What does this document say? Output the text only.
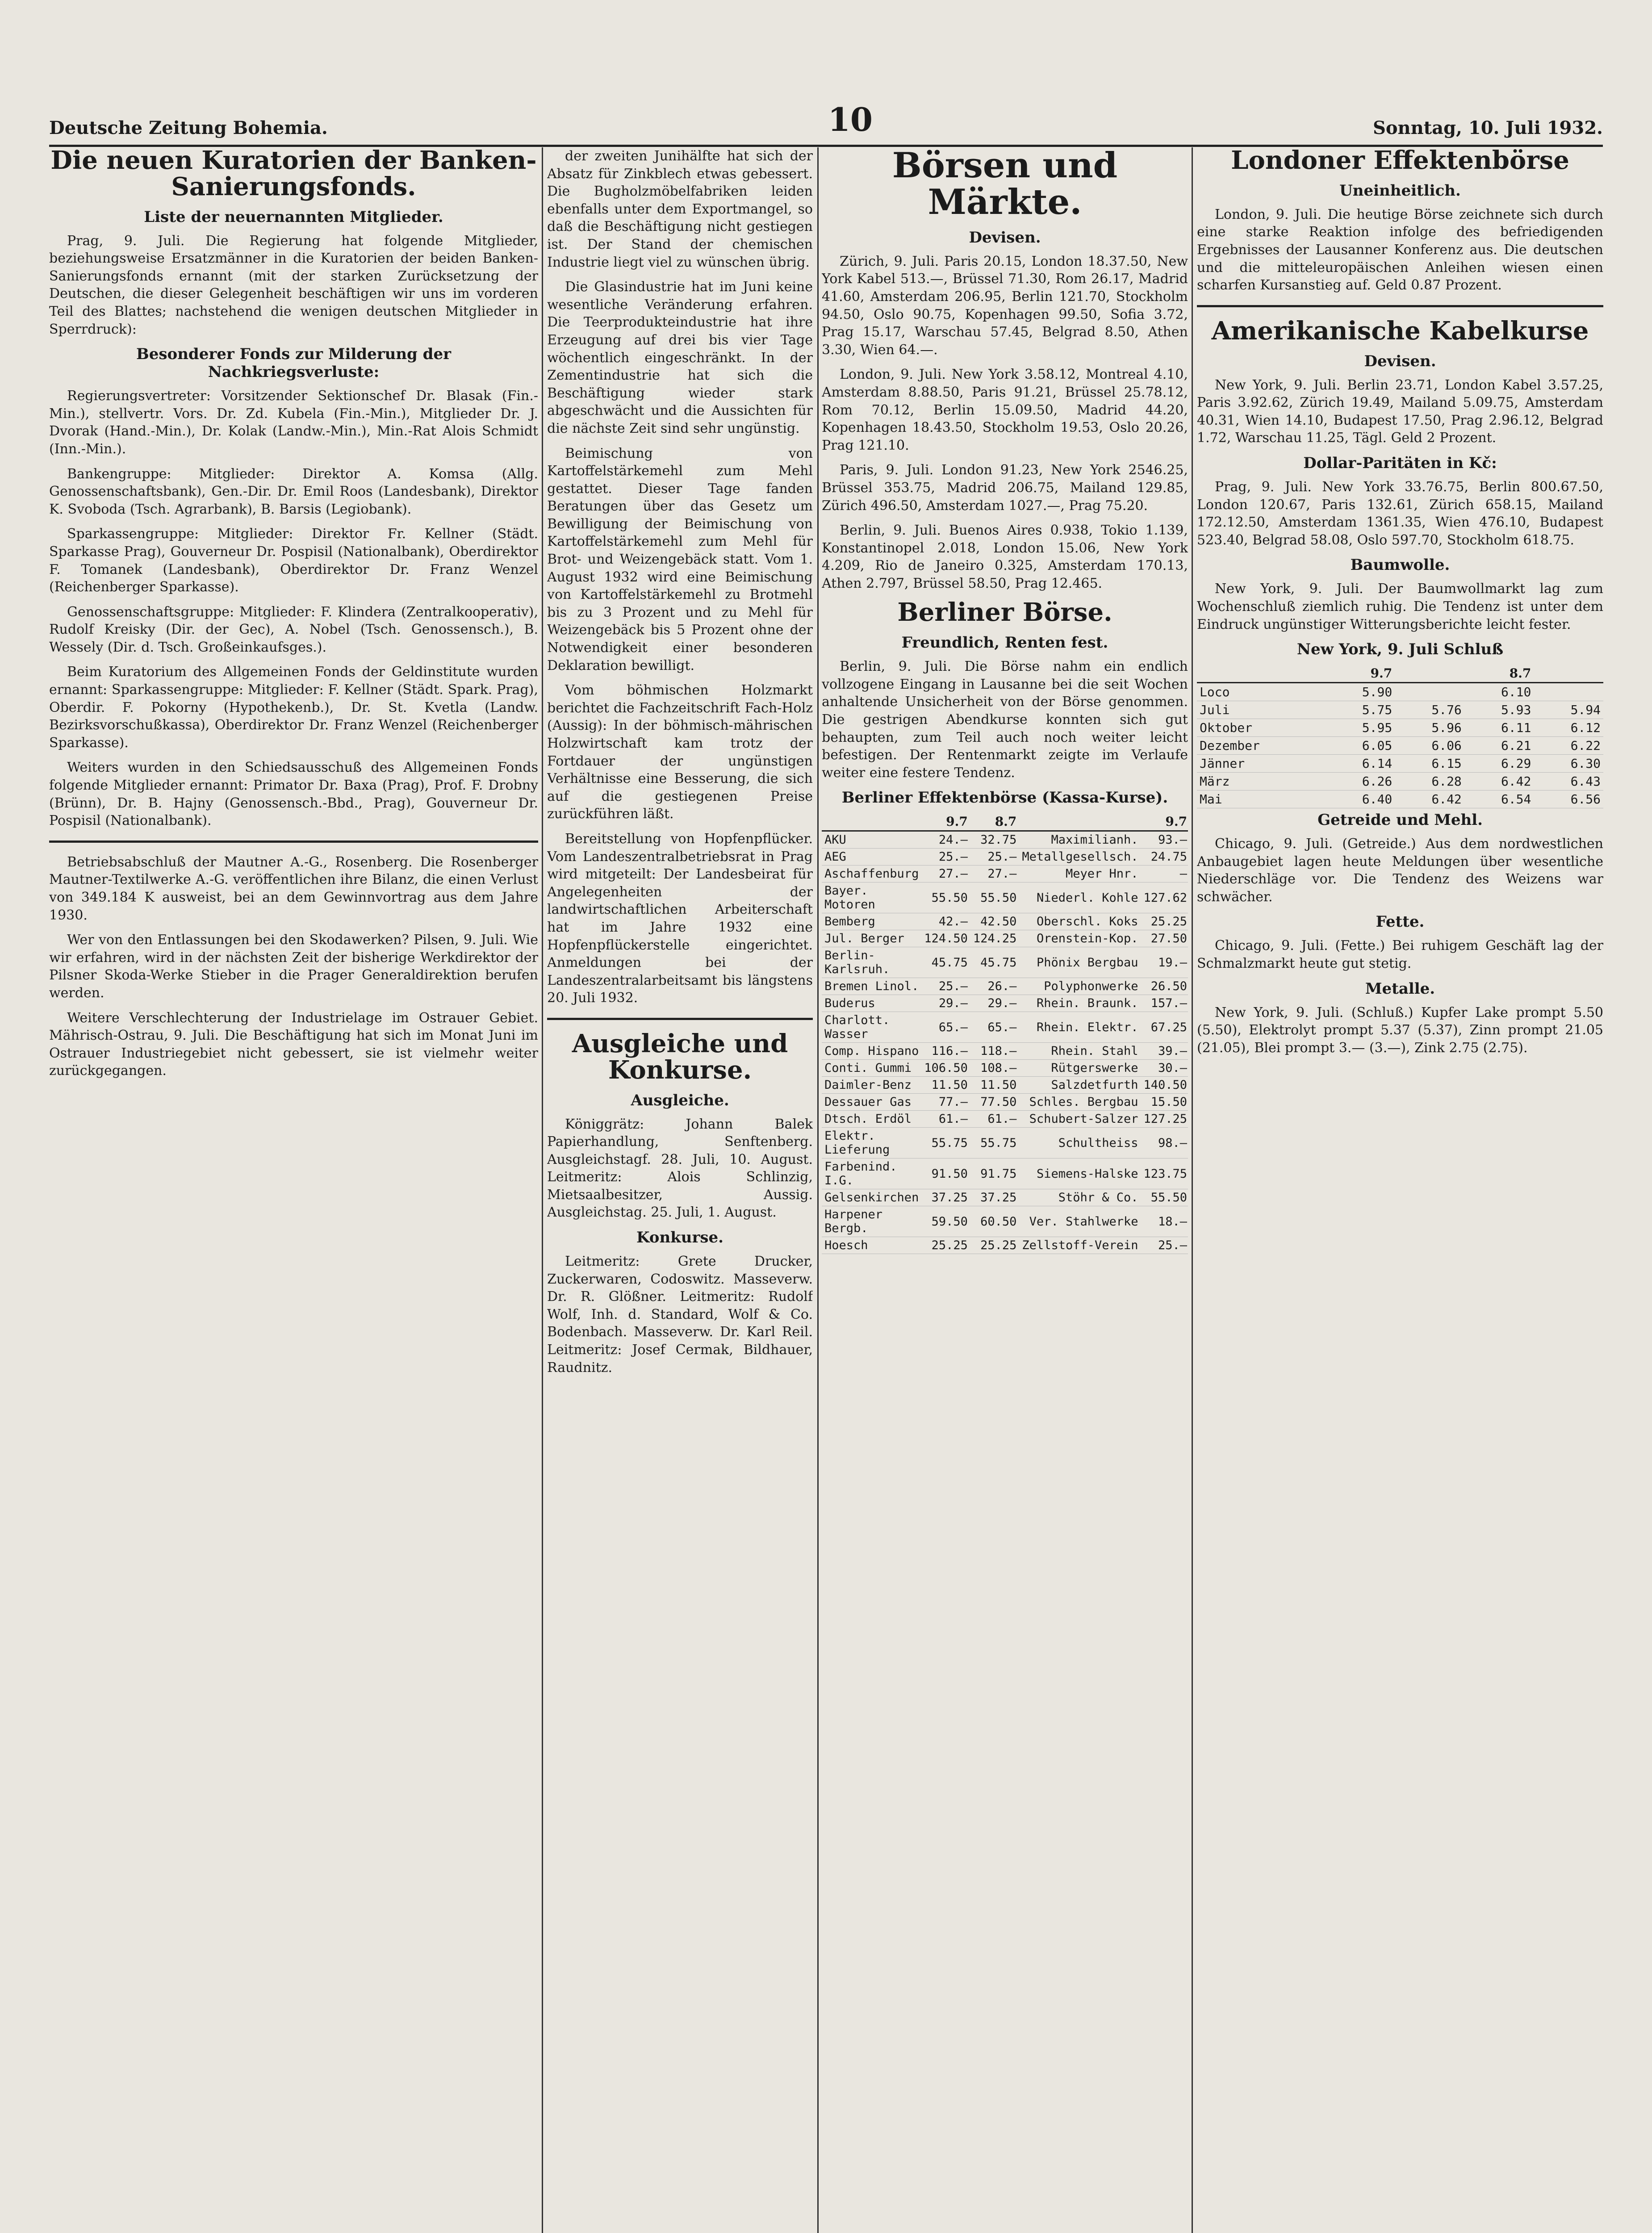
Deutsche Zeitung Bohemia.	10	Sonntag, 10. Juli 1932.
Die neuen Kuratorien der Banken-Sanierungsfonds.
Liste der neuernannten Mitglieder.

Prag, 9. Juli. Die Regierung hat folgende Mitglieder, beziehungsweise Ersatzmänner in die Kuratorien der beiden Banken-Sanierungsfonds ernannt (mit der starken Zurücksetzung der Deutschen, die dieser Gelegenheit beschäftigen wir uns im vorderen Teil des Blattes; nachstehend die wenigen deutschen Mitglieder in Sperrdruck):

Besonderer Fonds zur Milderung der Nachkriegsverluste:

Regierungsvertreter: Vorsitzender Sektionschef Dr. Blasak (Fin.-Min.), stellvertr. Vors. Dr. Zd. Kubela (Fin.-Min.), Mitglieder Dr. J. Dvorak (Hand.-Min.), Dr. Kolak (Landw.-Min.), Min.-Rat Alois Schmidt (Inn.-Min.).

Bankengruppe: Mitglieder: Direktor A. Komsa (Allg. Genossenschaftsbank), Gen.-Dir. Dr. Emil Roos (Landesbank), Direktor K. Svoboda (Tsch. Agrarbank), B. Barsis (Legiobank).

Sparkassengruppe: Mitglieder: Direktor Fr. Kellner (Städt. Sparkasse Prag), Gouverneur Dr. Pospisil (Nationalbank), Oberdirektor F. Tomanek (Landesbank), Oberdirektor Dr. Franz Wenzel (Reichenberger Sparkasse).

Genossenschaftsgruppe: Mitglieder: F. Klindera (Zentralkooperativ), Rudolf Kreisky (Dir. der Gec), A. Nobel (Tsch. Genossensch.), B. Wessely (Dir. d. Tsch. Großeinkaufsges.).

Beim Kuratorium des Allgemeinen Fonds der Geldinstitute wurden ernannt: Sparkassengruppe: Mitglieder: F. Kellner (Städt. Spark. Prag), Oberdir. F. Pokorny (Hypothekenb.), Dr. St. Kvetla (Landw. Bezirksvorschußkassa), Oberdirektor Dr. Franz Wenzel (Reichenberger Sparkasse).

Weiters wurden in den Schiedsausschuß des Allgemeinen Fonds folgende Mitglieder ernannt: Primator Dr. Baxa (Prag), Prof. F. Drobny (Brünn), Dr. B. Hajny (Genossensch.-Bbd., Prag), Gouverneur Dr. Pospisil (Nationalbank).

Betriebsabschluß der Mautner A.-G., Rosenberg. Die Rosenberger Mautner-Textilwerke A.-G. veröffentlichen ihre Bilanz, die einen Verlust von 349.184 K ausweist, bei an dem Gewinnvortrag aus dem Jahre 1930.

Wer von den Entlassungen bei den Skodawerken? Pilsen, 9. Juli. Wie wir erfahren, wird in der nächsten Zeit der bisherige Werkdirektor der Pilsner Skoda-Werke Stieber in die Prager Generaldirektion berufen werden.

Weitere Verschlechterung der Industrielage im Ostrauer Gebiet. Mährisch-Ostrau, 9. Juli. Die Beschäftigung hat sich im Monat Juni im Ostrauer Industriegebiet nicht gebessert, sie ist vielmehr weiter zurückgegangen.

der zweiten Junihälfte hat sich der Absatz für Zinkblech etwas gebessert. Die Bugholzmöbelfabriken leiden ebenfalls unter dem Exportmangel, so daß die Beschäftigung nicht gestiegen ist. Der Stand der chemischen Industrie liegt viel zu wünschen übrig.

Die Glasindustrie hat im Juni keine wesentliche Veränderung erfahren. Die Teerprodukteindustrie hat ihre Erzeugung auf drei bis vier Tage wöchentlich eingeschränkt. In der Zementindustrie hat sich die Beschäftigung wieder stark abgeschwächt und die Aussichten für die nächste Zeit sind sehr ungünstig.

Beimischung von Kartoffelstärkemehl zum Mehl gestattet. Dieser Tage fanden Beratungen über das Gesetz um Bewilligung der Beimischung von Kartoffelstärkemehl zum Mehl für Brot- und Weizengebäck statt. Vom 1. August 1932 wird eine Beimischung von Kartoffelstärkemehl zu Brotmehl bis zu 3 Prozent und zu Mehl für Weizengebäck bis 5 Prozent ohne der Notwendigkeit einer besonderen Deklaration bewilligt.

Vom böhmischen Holzmarkt berichtet die Fachzeitschrift Fach-Holz (Aussig): In der böhmisch-mährischen Holzwirtschaft kam trotz der Fortdauer der ungünstigen Verhältnisse eine Besserung, die sich auf die gestiegenen Preise zurückführen läßt.

Bereitstellung von Hopfenpflücker. Vom Landeszentralbetriebsrat in Prag wird mitgeteilt: Der Landesbeirat für Angelegenheiten der landwirtschaftlichen Arbeiterschaft hat im Jahre 1932 eine Hopfenpflückerstelle eingerichtet. Anmeldungen bei der Landeszentralarbeitsamt bis längstens 20. Juli 1932.

Ausgleiche und Konkurse.
Ausgleiche.

Königgrätz: Johann Balek Papierhandlung, Senftenberg. Ausgleichstagf. 28. Juli, 10. August. Leitmeritz: Alois Schlinzig, Mietsaalbesitzer, Aussig. Ausgleichstag. 25. Juli, 1. August.

Konkurse.

Leitmeritz: Grete Drucker, Zuckerwaren, Codoswitz. Masseverw. Dr. R. Glößner. Leitmeritz: Rudolf Wolf, Inh. d. Standard, Wolf & Co. Bodenbach. Masseverw. Dr. Karl Reil. Leitmeritz: Josef Cermak, Bildhauer, Raudnitz.

Börsen und Märkte.
Devisen.

Zürich, 9. Juli. Paris 20.15, London 18.37.50, New York Kabel 513.—, Brüssel 71.30, Rom 26.17, Madrid 41.60, Amsterdam 206.95, Berlin 121.70, Stockholm 94.50, Oslo 90.75, Kopenhagen 99.50, Sofia 3.72, Prag 15.17, Warschau 57.45, Belgrad 8.50, Athen 3.30, Wien 64.—.

London, 9. Juli. New York 3.58.12, Montreal 4.10, Amsterdam 8.88.50, Paris 91.21, Brüssel 25.78.12, Rom 70.12, Berlin 15.09.50, Madrid 44.20, Kopenhagen 18.43.50, Stockholm 19.53, Oslo 20.26, Prag 121.10.

Paris, 9. Juli. London 91.23, New York 2546.25, Brüssel 353.75, Madrid 206.75, Mailand 129.85, Zürich 496.50, Amsterdam 1027.—, Prag 75.20.

Berlin, 9. Juli. Buenos Aires 0.938, Tokio 1.139, Konstantinopel 2.018, London 15.06, New York 4.209, Rio de Janeiro 0.325, Amsterdam 170.13, Athen 2.797, Brüssel 58.50, Prag 12.465.

Berliner Börse.
Freundlich, Renten fest.

Berlin, 9. Juli. Die Börse nahm ein endlich vollzogene Eingang in Lausanne bei die seit Wochen anhaltende Unsicherheit von der Börse genommen. Die gestrigen Abendkurse konnten sich gut behaupten, zum Teil auch noch weiter leicht befestigen. Der Rentenmarkt zeigte im Verlaufe weiter eine festere Tendenz.

Berliner Effektenbörse (Kassa-Kurse).
	9.7	8.7		9.7	
AKU	24.—	32.75	Maximilianh.	93.—	
AEG	25.—	25.—	Metallgesellsch.	24.75	
Aschaffenburg	27.—	27.—	Meyer Hnr.	—	
Bayer. Motoren	55.50	55.50	Niederl. Kohle	127.62	
Bemberg	42.—	42.50	Oberschl. Koks	25.25	
Jul. Berger	124.50	124.25	Orenstein-Kop.	27.50	
Berlin-Karlsruh.	45.75	45.75	Phönix Bergbau	19.—	
Bremen Linol.	25.—	26.—	Polyphonwerke	26.50	
Buderus	29.—	29.—	Rhein. Braunk.	157.—	
Charlott. Wasser	65.—	65.—	Rhein. Elektr.	67.25	
Comp. Hispano	116.—	118.—	Rhein. Stahl	39.—	
Conti. Gummi	106.50	108.—	Rütgerswerke	30.—	
Daimler-Benz	11.50	11.50	Salzdetfurth	140.50	
Dessauer Gas	77.—	77.50	Schles. Bergbau	15.50	
Dtsch. Erdöl	61.—	61.—	Schubert-Salzer	127.25	
Elektr. Lieferung	55.75	55.75	Schultheiss	98.—	
Farbenind. I.G.	91.50	91.75	Siemens-Halske	123.75	
Gelsenkirchen	37.25	37.25	Stöhr & Co.	55.50	
Harpener Bergb.	59.50	60.50	Ver. Stahlwerke	18.—	
Hoesch	25.25	25.25	Zellstoff-Verein	25.—	
Londoner Effektenbörse
Uneinheitlich.

London, 9. Juli. Die heutige Börse zeichnete sich durch eine starke Reaktion infolge des befriedigenden Ergebnisses der Lausanner Konferenz aus. Die deutschen und die mitteleuropäischen Anleihen wiesen einen scharfen Kursanstieg auf. Geld 0.87 Prozent.

Amerikanische Kabelkurse
Devisen.

New York, 9. Juli. Berlin 23.71, London Kabel 3.57.25, Paris 3.92.62, Zürich 19.49, Mailand 5.09.75, Amsterdam 40.31, Wien 14.10, Budapest 17.50, Prag 2.96.12, Belgrad 1.72, Warschau 11.25, Tägl. Geld 2 Prozent.

Dollar-Paritäten in Kč:

Prag, 9. Juli. New York 33.76.75, Berlin 800.67.50, London 120.67, Paris 132.61, Zürich 658.15, Mailand 172.12.50, Amsterdam 1361.35, Wien 476.10, Budapest 523.40, Belgrad 58.08, Oslo 597.70, Stockholm 618.75.

Baumwolle.

New York, 9. Juli. Der Baumwollmarkt lag zum Wochenschluß ziemlich ruhig. Die Tendenz ist unter dem Eindruck ungünstiger Witterungsberichte leicht fester.

New York, 9. Juli Schluß
	9.7		8.7	
Loco	5.90		6.10	
Juli	5.75	5.76	5.93	5.94
Oktober	5.95	5.96	6.11	6.12
Dezember	6.05	6.06	6.21	6.22
Jänner	6.14	6.15	6.29	6.30
März	6.26	6.28	6.42	6.43
Mai	6.40	6.42	6.54	6.56
Getreide und Mehl.

Chicago, 9. Juli. (Getreide.) Aus dem nordwestlichen Anbaugebiet lagen heute Meldungen über wesentliche Niederschläge vor. Die Tendenz des Weizens war schwächer.

Fette.

Chicago, 9. Juli. (Fette.) Bei ruhigem Geschäft lag der Schmalzmarkt heute gut stetig.

Metalle.

New York, 9. Juli. (Schluß.) Kupfer Lake prompt 5.50 (5.50), Elektrolyt prompt 5.37 (5.37), Zinn prompt 21.05 (21.05), Blei prompt 3.— (3.—), Zink 2.75 (2.75).
